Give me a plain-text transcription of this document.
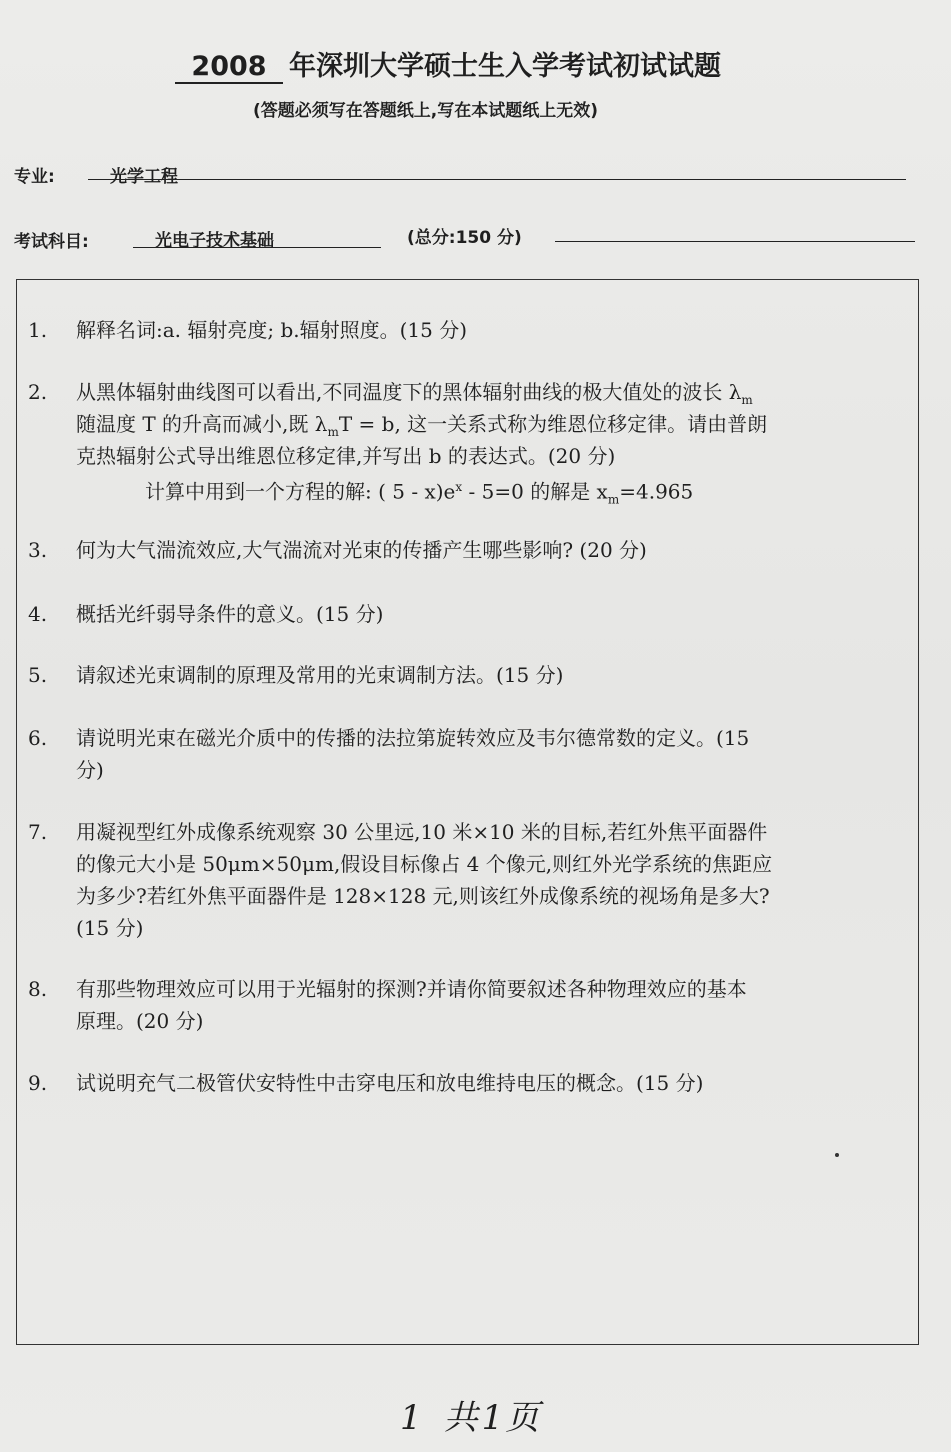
2008 年深圳大学硕士生入学考试初试试题
(答题必须写在答题纸上,写在本试题纸上无效)
专业:	光学工程
考试科目:	光电子技术基础	(总分:150 分)
1.	解释名词:a. 辐射亮度; b.辐射照度。(15 分)
2.	从黑体辐射曲线图可以看出,不同温度下的黑体辐射曲线的极大值处的波长 $\lambda_m$
随温度 T 的升高而减小,既 $\lambda_mT = b$, 这一关系式称为维恩位移定律。请由普朗
克热辐射公式导出维恩位移定律,并写出 b 的表达式。(20 分)
计算中用到一个方程的解: ( $5 - x)e^x - 5=0$ 的解是 $x_m=4.965$
3.	何为大气湍流效应,大气湍流对光束的传播产生哪些影响? (20 分)
4.	概括光纤弱导条件的意义。(15 分)
5.	请叙述光束调制的原理及常用的光束调制方法。(15 分)
6.	请说明光束在磁光介质中的传播的法拉第旋转效应及韦尔德常数的定义。(15
分)
7.	用凝视型红外成像系统观察 30 公里远,10 米×10 米的目标,若红外焦平面器件
的像元大小是 50μm×50μm,假设目标像占 4 个像元,则红外光学系统的焦距应
为多少?若红外焦平面器件是 128×128 元,则该红外成像系统的视场角是多大?
(15 分)
8.	有那些物理效应可以用于光辐射的探测?并请你简要叙述各种物理效应的基本
原理。(20 分)
9.	试说明充气二极管伏安特性中击穿电压和放电维持电压的概念。(15 分)
1 共 1页
